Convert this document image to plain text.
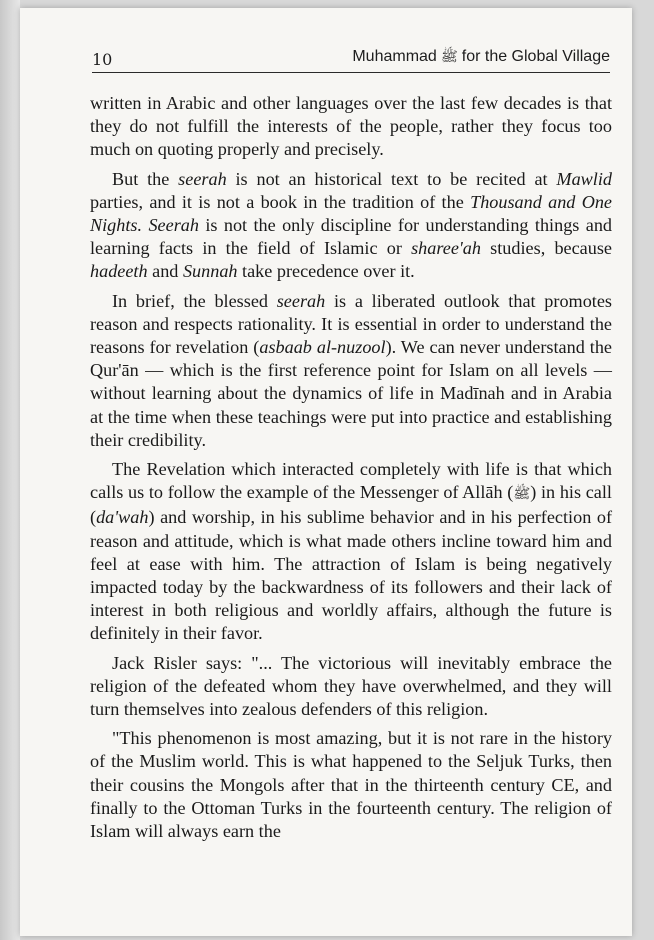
10	Muhammad ﷺ for the Global Village

written in Arabic and other languages over the last few decades is that they do not fulfill the interests of the people, rather they focus too much on quoting properly and precisely.

But the seerah is not an historical text to be recited at Mawlid parties, and it is not a book in the tradition of the Thousand and One Nights. Seerah is not the only discipline for understanding things and learning facts in the field of Islamic or sharee'ah studies, because hadeeth and Sunnah take precedence over it.

In brief, the blessed seerah is a liberated outlook that promotes reason and respects rationality. It is essential in order to understand the reasons for revelation (asbaab al-nuzool). We can never understand the Qur'ān — which is the first reference point for Islam on all levels — without learning about the dynamics of life in Madīnah and in Arabia at the time when these teachings were put into practice and establishing their credibility.

The Revelation which interacted completely with life is that which calls us to follow the example of the Messenger of Allāh (ﷺ) in his call (da'wah) and worship, in his sublime behavior and in his perfection of reason and attitude, which is what made others incline toward him and feel at ease with him. The attraction of Islam is being negatively impacted today by the backwardness of its followers and their lack of interest in both religious and worldly affairs, although the future is definitely in their favor.

Jack Risler says: "... The victorious will inevitably embrace the religion of the defeated whom they have overwhelmed, and they will turn themselves into zealous defenders of this religion.

"This phenomenon is most amazing, but it is not rare in the history of the Muslim world. This is what happened to the Seljuk Turks, then their cousins the Mongols after that in the thirteenth century CE, and finally to the Ottoman Turks in the fourteenth century. The religion of Islam will always earn the
